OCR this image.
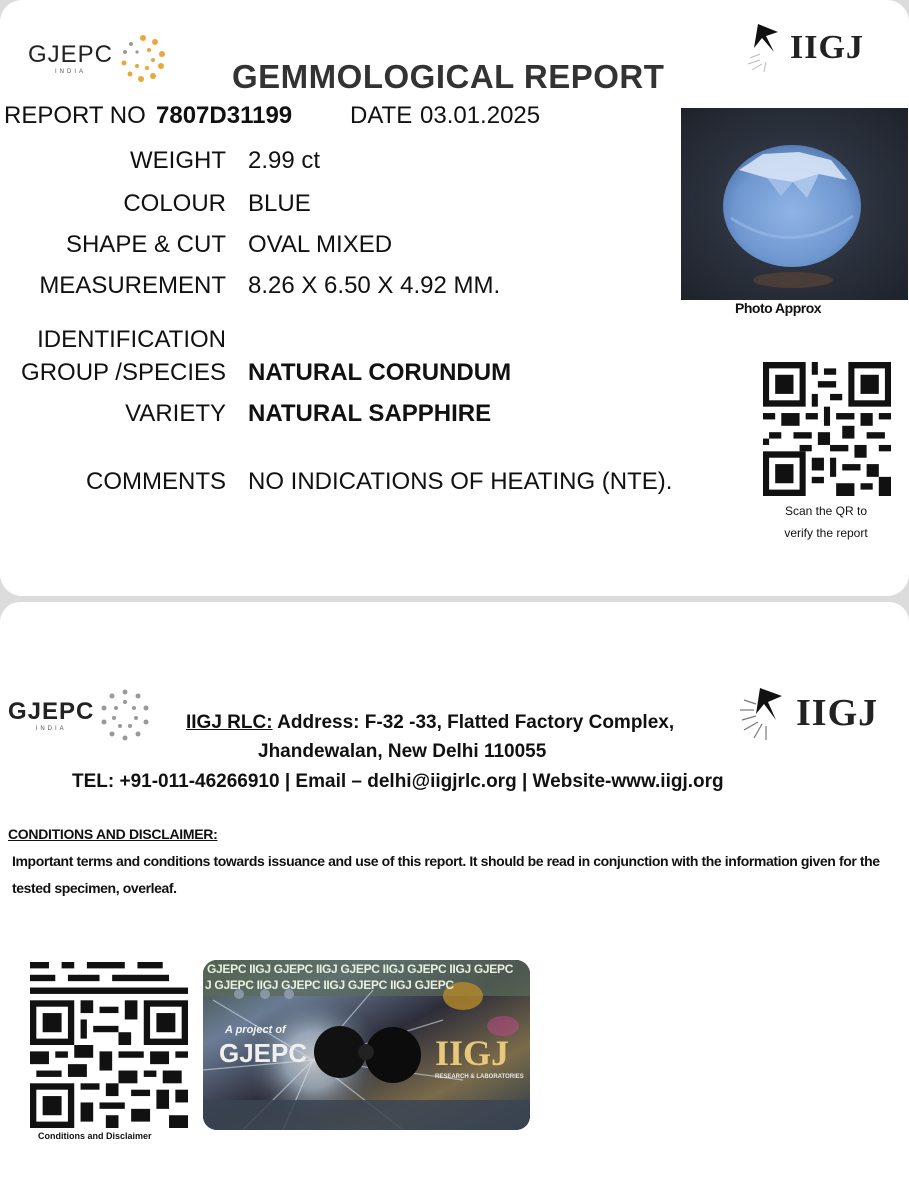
GJEPC
INDIA
IIGJ
GEMMOLOGICAL REPORT
REPORT NO 7807D31199 DATE 03.01.2025
WEIGHT 2.99 ct
COLOUR BLUE
SHAPE & CUT OVAL MIXED
MEASUREMENT 8.26 X 6.50 X 4.92 MM.
IDENTIFICATION
GROUP /SPECIES NATURAL CORUNDUM
VARIETY NATURAL SAPPHIRE
COMMENTS NO INDICATIONS OF HEATING (NTE).
Photo Approx
Scan the QR to
verify the report
GJEPC
INDIA	IIGJ
IIGJ RLC: Address: F-32 -33, Flatted Factory Complex,
Jhandewalan, New Delhi 110055
TEL: +91-011-46266910 | Email – delhi@iigjrlc.org | Website-www.iigj.org
CONDITIONS AND DISCLAIMER:
Important terms and conditions towards issuance and use of this report. It should be read in conjunction with the information given for the tested specimen, overleaf.
Conditions and Disclaimer
GJEPC IIGJ GJEPC IIGJ GJEPC IIGJ GJEPC IIGJ GJEPC
J GJEPC IIGJ GJEPC IIGJ GJEPC IIGJ GJEPC
A project of
GJEPC	IIGJ
RESEARCH & LABORATORIES
